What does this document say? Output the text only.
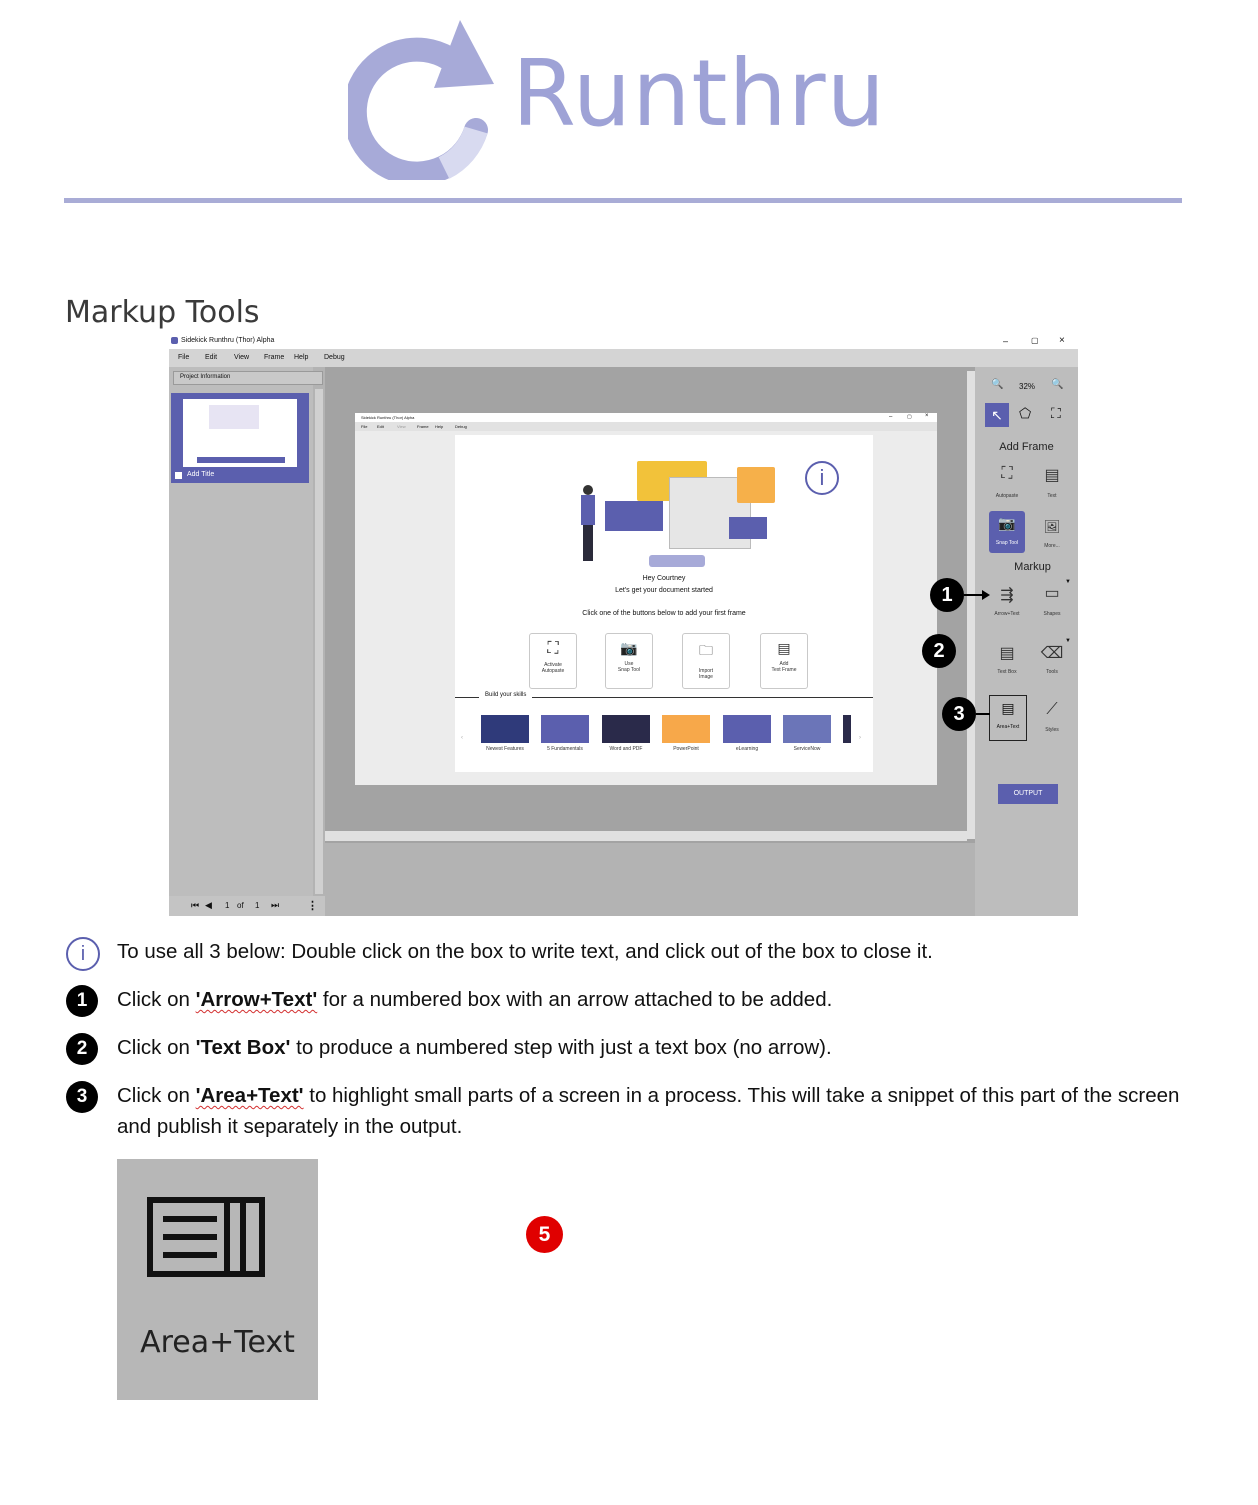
Runthru
Markup Tools
Sidekick Runthru (Thor) Alpha	–	▢ ×
File Edit View Frame Help Debug
Project Information
Add Title
⏮ ◀ 1 of 1 ⏭	⋮
Sidekick Runthru (Thor) Alpha	–	▢ ×
File Edit	View	Frame Help	Debug
i
Hey Courtney
Let's get your document started
Click one of the buttons below to add your first frame
⛶
Activate
Autopaste
📷
Use
Snap Tool
🗀
Import
Image
▤
Add
Text Frame
Build your skills
‹	›
Newest Features	5 Fundamentals	Word and PDF	PowerPoint	eLearning	ServiceNow
🔍 32% 🔍
↖	⬠ ⛶
Add Frame
⛶
Autopaste
▤
Text
📷
Snap Tool
🖼
More...
Markup
⇶
Arrow+Text
▭
▼
Shapes
▤
Text Box
⌫
▼
Tools
▤
Area+Text
⟋
Styles
OUTPUT
1
2
3
i	To use all 3 below: Double click on the box to write text, and click out of the box to close it.
1	Click on 'Arrow+Text' for a numbered box with an arrow attached to be added.
2	Click on 'Text Box' to produce a numbered step with just a text box (no arrow).
3	Click on 'Area+Text' to highlight small parts of a screen in a process. This will take a snippet of this part of the screen and publish it separately in the output.
Area+Text
5
